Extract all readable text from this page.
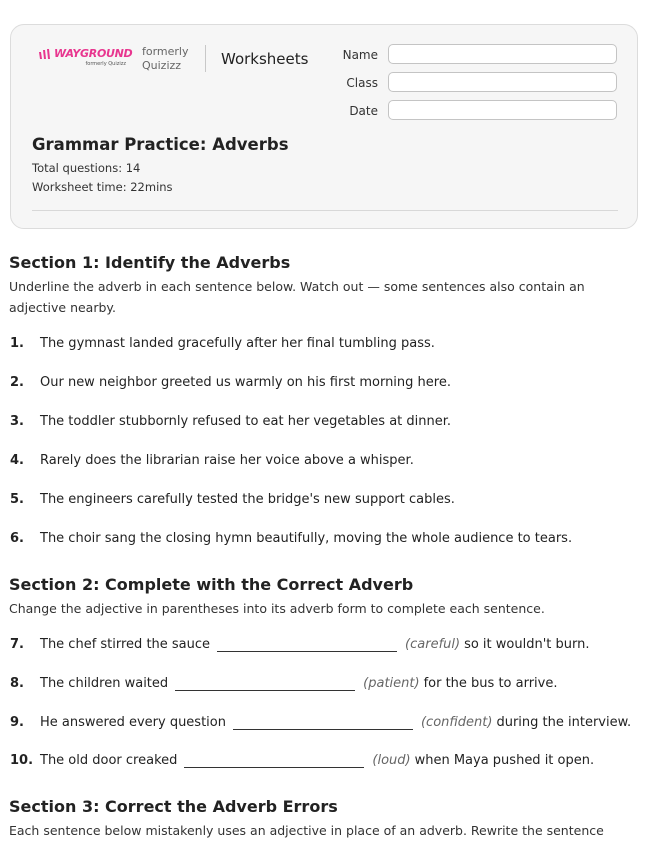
WAYGROUND
formerly Quizizz
formerly
Quizizz	Worksheets	Name
Class
Date
Grammar Practice: Adverbs
Total questions: 14
Worksheet time: 22mins
Section 1: Identify the Adverbs
Underline the adverb in each sentence below. Watch out — some sentences also contain an adjective nearby.
1. The gymnast landed gracefully after her final tumbling pass.
2. Our new neighbor greeted us warmly on his first morning here.
3. The toddler stubbornly refused to eat her vegetables at dinner.
4. Rarely does the librarian raise her voice above a whisper.
5. The engineers carefully tested the bridge's new support cables.
6. The choir sang the closing hymn beautifully, moving the whole audience to tears.
Section 2: Complete with the Correct Adverb
Change the adjective in parentheses into its adverb form to complete each sentence.
7. The chef stirred the sauce	(careful) so it wouldn't burn.
8. The children waited	(patient) for the bus to arrive.
9. He answered every question	(confident) during the interview.
10. The old door creaked	(loud) when Maya pushed it open.
Section 3: Correct the Adverb Errors
Each sentence below mistakenly uses an adjective in place of an adverb. Rewrite the sentence
